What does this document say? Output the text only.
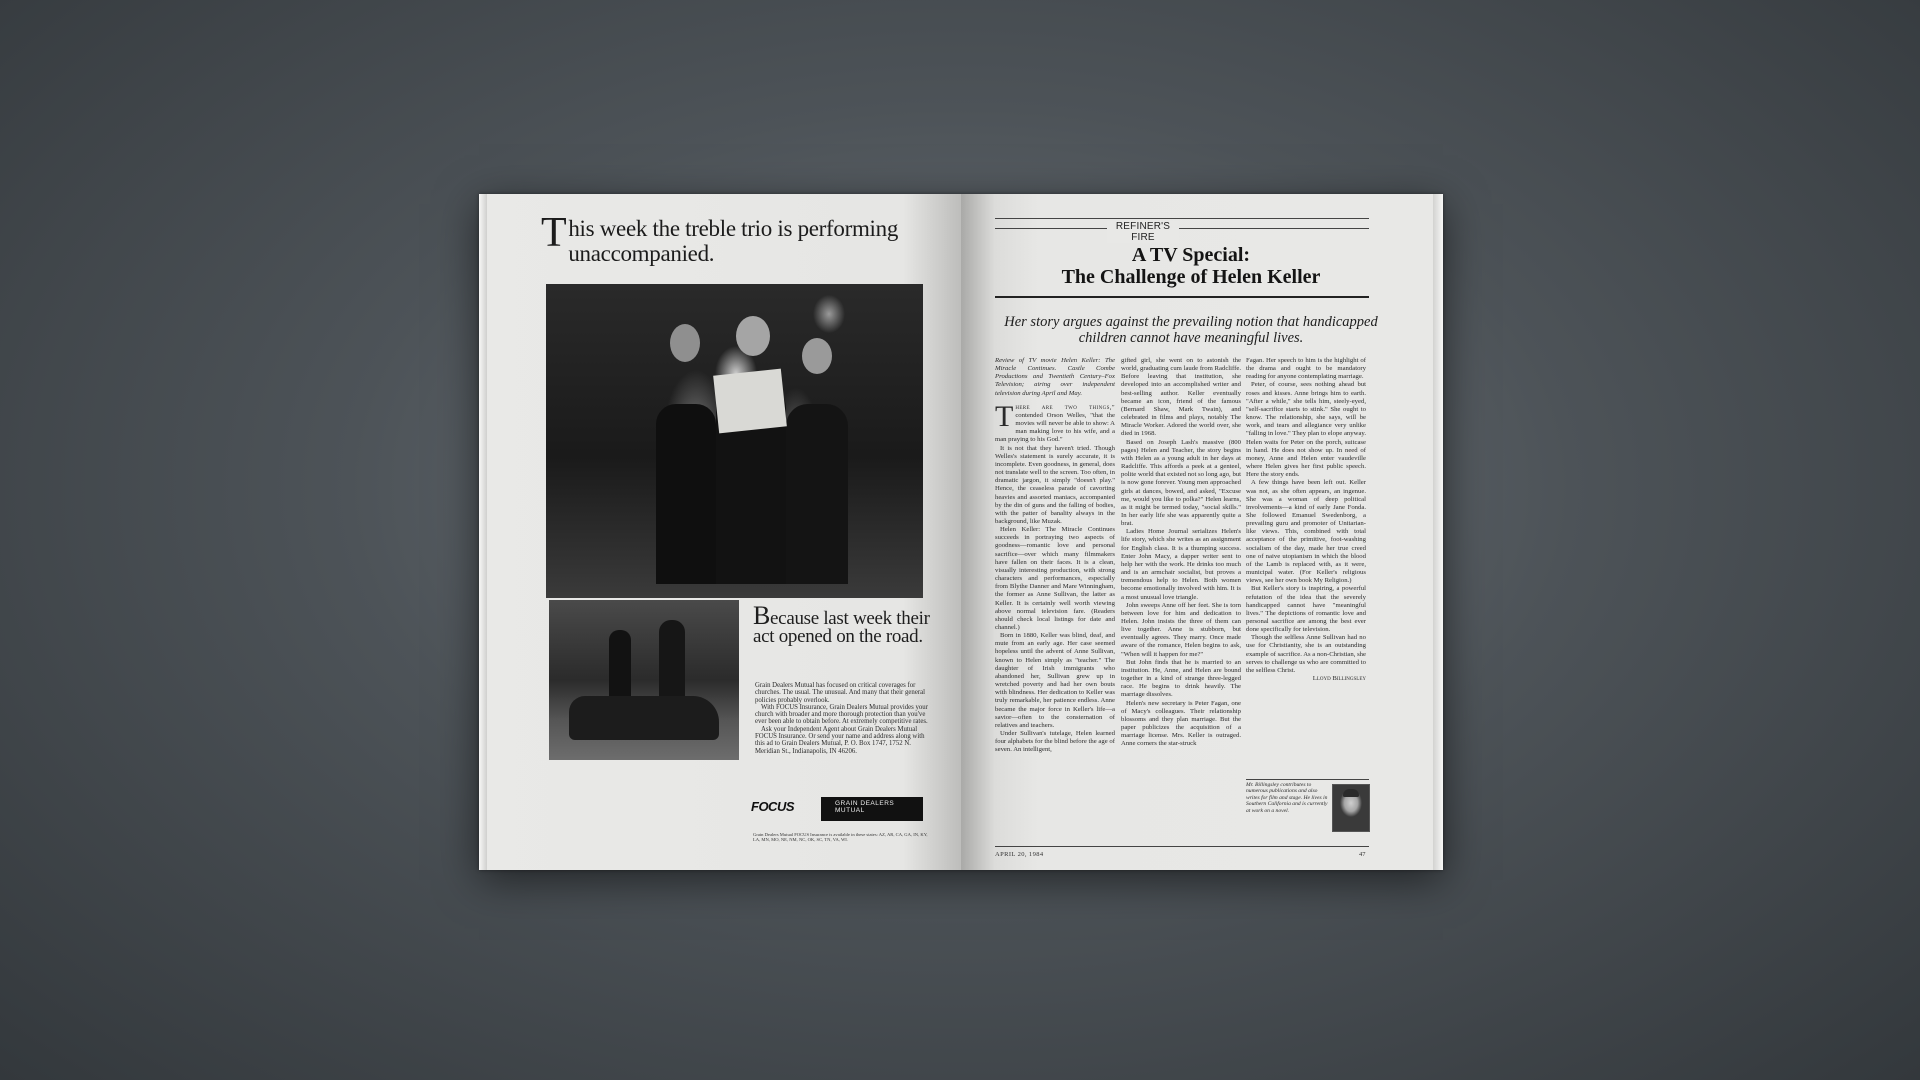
This week the treble trio is performing unaccompanied.
Because last week their act opened on the road.

Grain Dealers Mutual has focused on critical coverages for churches. The usual. The unusual. And many that their general policies probably overlook.

With FOCUS Insurance, Grain Dealers Mutual provides your church with broader and more thorough protection than you've ever been able to obtain before. At extremely competitive rates.

Ask your Independent Agent about Grain Dealers Mutual FOCUS Insurance. Or send your name and address along with this ad to Grain Dealers Mutual, P. O. Box 1747, 1752 N. Meridian St., Indianapolis, IN 46206.

FOCUS	GRAIN DEALERS MUTUAL
Grain Dealers Mutual FOCUS Insurance is available in these states: AZ, AR, CA, GA, IN, KY, LA, MN, MO, NE, NM, NC, OK, SC, TN, VA, WI.
REFINER'S FIRE
A TV Special:
The Challenge of Helen Keller
Her story argues against the prevailing notion that handicapped children cannot have meaningful lives.

Review of TV movie Helen Keller: The Miracle Continues. Castle Combe Productions and Twentieth Century–Fox Television; airing over independent television during April and May.

There are two things," contended Orson Welles, "that the movies will never be able to show: A man making love to his wife, and a man praying to his God."

It is not that they haven't tried. Though Welles's statement is surely accurate, it is incomplete. Even goodness, in general, does not translate well to the screen. Too often, in dramatic jargon, it simply "doesn't play." Hence, the ceaseless parade of cavorting heavies and assorted maniacs, accompanied by the din of guns and the falling of bodies, with the patter of banality always in the background, like Muzak.

Helen Keller: The Miracle Continues succeeds in portraying two aspects of goodness—romantic love and personal sacrifice—over which many filmmakers have fallen on their faces. It is a clean, visually interesting production, with strong characters and performances, especially from Blythe Danner and Mare Winningham, the former as Anne Sullivan, the latter as Keller. It is certainly well worth viewing above normal television fare. (Readers should check local listings for date and channel.)

Born in 1880, Keller was blind, deaf, and mute from an early age. Her case seemed hopeless until the advent of Anne Sullivan, known to Helen simply as "teacher." The daughter of Irish immigrants who abandoned her, Sullivan grew up in wretched poverty and had her own bouts with blindness. Her dedication to Keller was truly remarkable, her patience endless. Anne became the major force in Keller's life—a savior—often to the consternation of relatives and teachers.

Under Sullivan's tutelage, Helen learned four alphabets for the blind before the age of seven. An intelligent,

gifted girl, she went on to astonish the world, graduating cum laude from Radcliffe. Before leaving that institution, she developed into an accomplished writer and best-selling author. Keller eventually became an icon, friend of the famous (Bernard Shaw, Mark Twain), and celebrated in films and plays, notably The Miracle Worker. Adored the world over, she died in 1968.

Based on Joseph Lash's massive (800 pages) Helen and Teacher, the story begins with Helen as a young adult in her days at Radcliffe. This affords a peek at a genteel, polite world that existed not so long ago, but is now gone forever. Young men approached girls at dances, bowed, and asked, "Excuse me, would you like to polka?" Helen learns, as it might be termed today, "social skills." In her early life she was apparently quite a brat.

Ladies Home Journal serializes Helen's life story, which she writes as an assignment for English class. It is a thumping success. Enter John Macy, a dapper writer sent to help her with the work. He drinks too much and is an armchair socialist, but proves a tremendous help to Helen. Both women become emotionally involved with him. It is a most unusual love triangle.

John sweeps Anne off her feet. She is torn between love for him and dedication to Helen. John insists the three of them can live together. Anne is stubborn, but eventually agrees. They marry. Once made aware of the romance, Helen begins to ask, "When will it happen for me?"

But John finds that he is married to an institution. He, Anne, and Helen are bound together in a kind of strange three-legged race. He begins to drink heavily. The marriage dissolves.

Helen's new secretary is Peter Fagan, one of Macy's colleagues. Their relationship blossoms and they plan marriage. But the paper publicizes the acquisition of a marriage license. Mrs. Keller is outraged. Anne corners the star-struck

Fagan. Her speech to him is the highlight of the drama and ought to be mandatory reading for anyone contemplating marriage.

Peter, of course, sees nothing ahead but roses and kisses. Anne brings him to earth. "After a while," she tells him, steely-eyed, "self-sacrifice starts to stink." She ought to know. The relationship, she says, will be work, and tears and allegiance very unlike "falling in love." They plan to elope anyway. Helen waits for Peter on the porch, suitcase in hand. He does not show up. In need of money, Anne and Helen enter vaudeville where Helen gives her first public speech. Here the story ends.

A few things have been left out. Keller was not, as she often appears, an ingenue. She was a woman of deep political involvements—a kind of early Jane Fonda. She followed Emanuel Swedenborg, a prevailing guru and promoter of Unitarian-like views. This, combined with total acceptance of the primitive, foot-washing socialism of the day, made her true creed one of naive utopianism in which the blood of the Lamb is replaced with, as it were, municipal water. (For Keller's religious views, see her own book My Religion.)

But Keller's story is inspiring, a powerful refutation of the idea that the severely handicapped cannot have "meaningful lives." The depictions of romantic love and personal sacrifice are among the best ever done specifically for television.

Though the selfless Anne Sullivan had no use for Christianity, she is an outstanding example of sacrifice. As a non-Christian, she serves to challenge us who are committed to the selfless Christ.

Lloyd Billingsley

Mr. Billingsley contributes to numerous publications and also writes for film and stage. He lives in Southern California and is currently at work on a novel.
APRIL 20, 1984	47
